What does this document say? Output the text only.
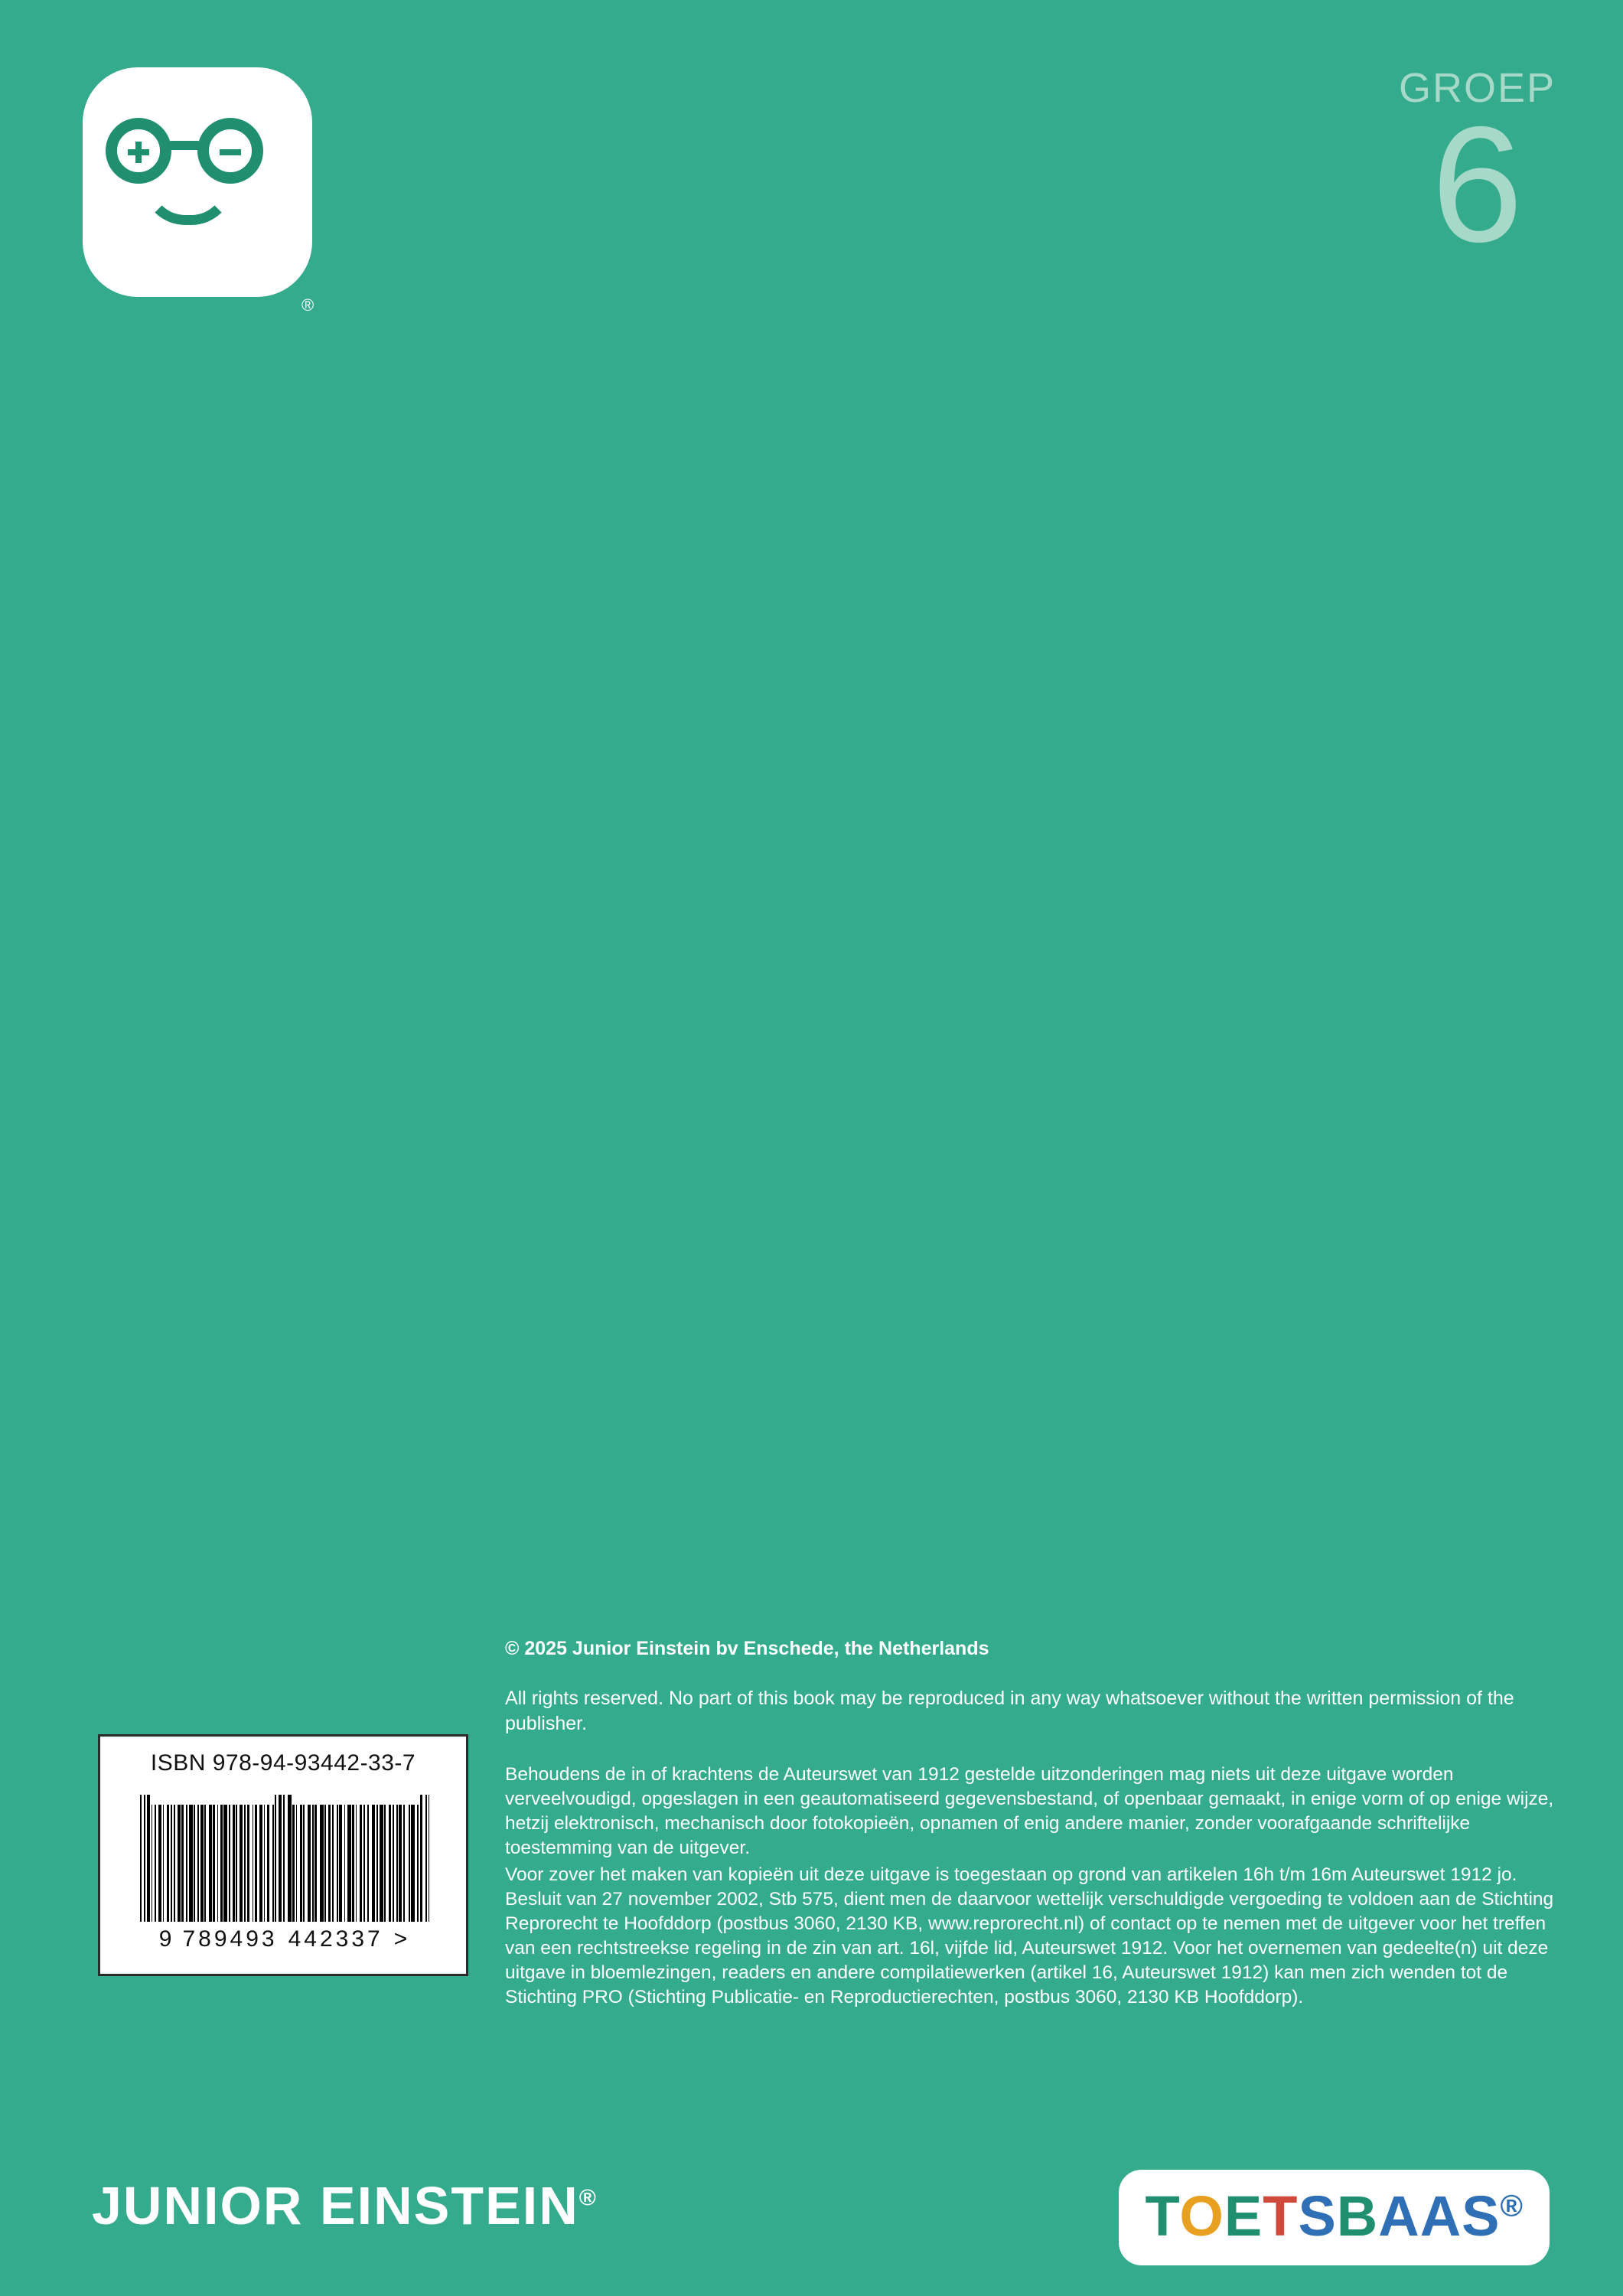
®
GROEP
6
© 2025 Junior Einstein bv Enschede, the Netherlands
All rights reserved. No part of this book may be reproduced in any way whatsoever without the written permission of the publisher.

Behoudens de in of krachtens de Auteurswet van 1912 gestelde uitzonderingen mag niets uit deze uitgave worden verveelvoudigd, opgeslagen in een geautomatiseerd gegevensbestand, of openbaar gemaakt, in enige vorm of op enige wijze, hetzij elektronisch, mechanisch door fotokopieën, opnamen of enig andere manier, zonder voorafgaande schriftelijke toestemming van de uitgever.

Voor zover het maken van kopieën uit deze uitgave is toegestaan op grond van artikelen 16h t/m 16m Auteurswet 1912 jo. Besluit van 27 november 2002, Stb 575, dient men de daarvoor wettelijk verschuldigde vergoeding te voldoen aan de Stichting Reprorecht te Hoofddorp (postbus 3060, 2130 KB, www.reprorecht.nl) of contact op te nemen met de uitgever voor het treffen van een rechtstreekse regeling in de zin van art. 16l, vijfde lid, Auteurswet 1912. Voor het overnemen van gedeelte(n) uit deze uitgave in bloemlezingen, readers en andere compilatiewerken (artikel 16, Auteurswet 1912) kan men zich wenden tot de Stichting PRO (Stichting Publicatie- en Reproductierechten, postbus 3060, 2130 KB Hoofddorp).

ISBN 978-94-93442-33-7
9 789493 442337 >
JUNIOR EINSTEIN®	TOETSBAAS®
